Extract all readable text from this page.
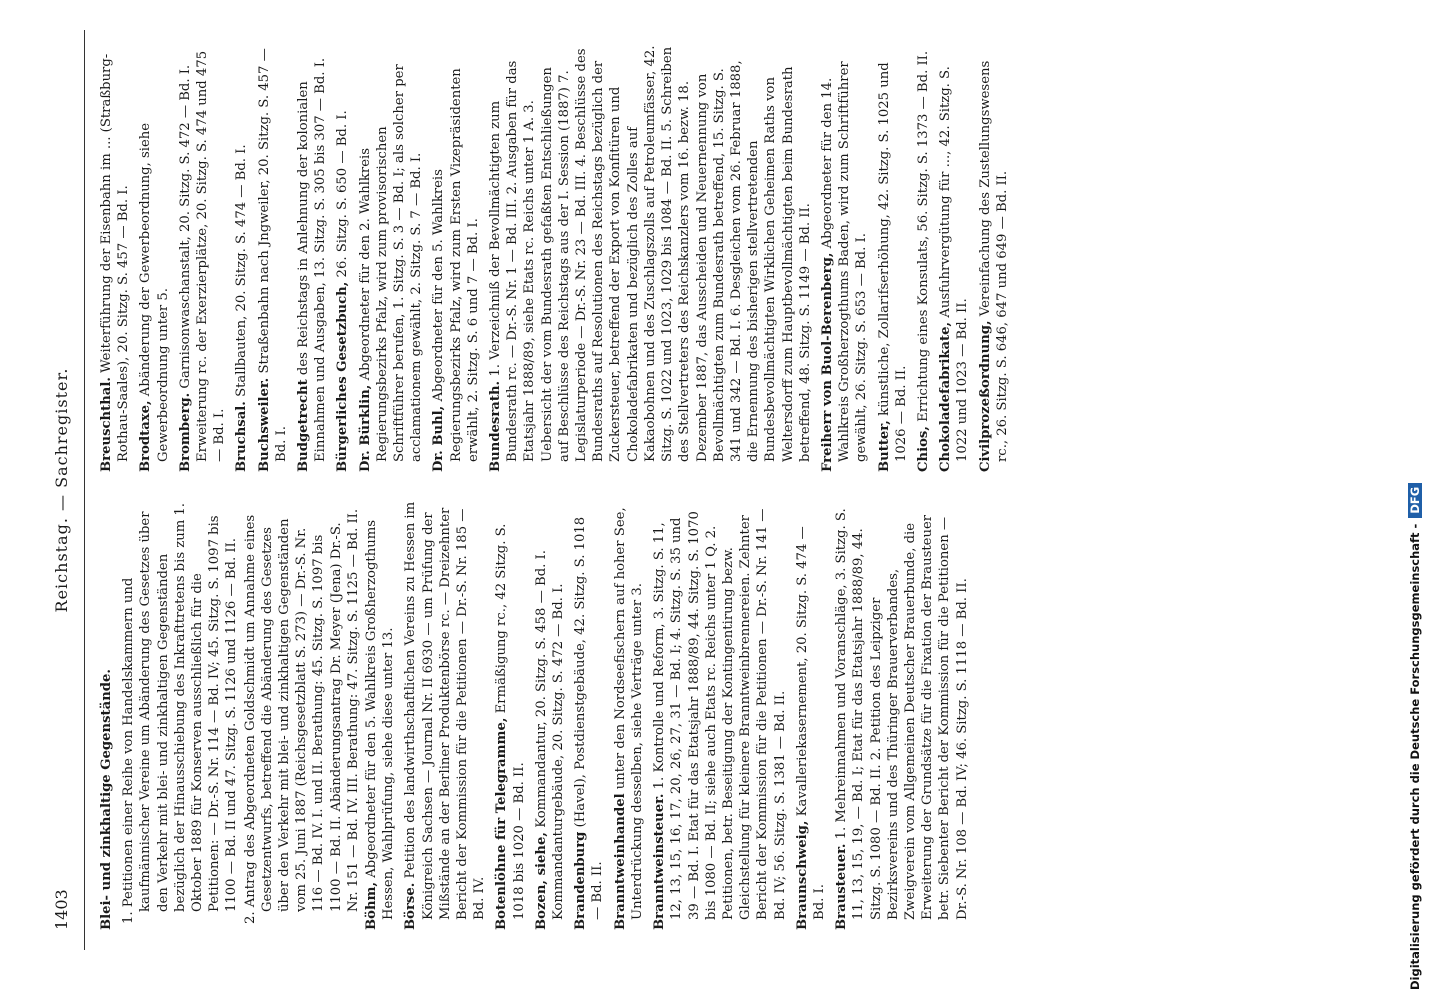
1403
Reichstag. — Sachregister.
Blei- und zinkhaltige Gegenstände. 1. Petitionen einer Reihe von Handelskammern und kaufmännischer Vereine um Abänderung des Gesetzes über den Verkehr mit blei- und zinkhaltigen Gegenständen bezüglich der Hinausschiebung des Inkrafttretens bis zum 1. Oktober 1889 für Konserven ausschließlich für die Petitionen: — Dr.-S. Nr. 114 — Bd. IV; 45. Sitzg. S. 1097 bis 1100 — Bd. II und 47. Sitzg. S. 1126 und 1126 — Bd. II. 2. Antrag des Abgeordneten Goldschmidt um Annahme eines Gesetzentwurfs, betreffend die Abänderung des Gesetzes über den Verkehr mit blei- und zinkhaltigen Gegenständen vom 25. Juni 1887 (Reichsgesetzblatt S. 273) — Dr.-S. Nr. 116 — Bd. IV. I. und II. Berathung: 45. Sitzg. S. 1097 bis 1100 — Bd. II. Abänderungsantrag Dr. Meyer (Jena) Dr.-S. Nr. 151 — Bd. IV. III. Berathung: 47. Sitzg. S. 1125 — Bd. II. Böhm, Abgeordneter für den 5. Wahlkreis Großherzogthums Hessen, Wahlprüfung, siehe diese unter 13. Börse. Petition des landwirthschaftlichen Vereins zu Hessen im Königreich Sachsen — Journal Nr. II 6930 — um Prüfung der Mißstände an der Berliner Produktenbörse rc. — Dreizehnter Bericht der Kommission für die Petitionen — Dr.-S. Nr. 185 — Bd. IV. Botenlöhne für Telegramme, Ermäßigung rc., 42 Sitzg. S. 1018 bis 1020 — Bd. II. Bozen, siehe, Kommandantur, 20. Sitzg. S. 458 — Bd. I. Kommandanturgebäude, 20. Sitzg. S. 472 — Bd. I. Brandenburg (Havel), Postdienstgebäude, 42. Sitzg. S. 1018 — Bd. II. Branntweinhandel unter den Nordseefischern auf hoher See, Unterdrückung desselben, siehe Verträge unter 3. Branntweinsteuer. 1. Kontrolle und Reform, 3. Sitzg. S. 11, 12, 13, 15, 16, 17, 20, 26, 27, 31 — Bd. I; 4. Sitzg. S. 35 und 39 — Bd. I. Etat für das Etatsjahr 1888/89, 44. Sitzg. S. 1070 bis 1080 — Bd. II; siehe auch Etats rc. Reichs unter 1 Q. 2. Petitionen, betr. Beseitigung der Kontingentirung bezw. Gleichstellung für kleinere Branntweinbrennereien. Zehnter Bericht der Kommission für die Petitionen — Dr.-S. Nr. 141 — Bd. IV; 56. Sitzg. S. 1381 — Bd. II. Braunschweig, Kavalleriekasernement, 20. Sitzg. S. 474 — Bd. I. Brausteuer. 1. Mehreinnahmen und Voranschläge, 3. Sitzg. S. 11, 13, 15, 19, — Bd. I; Etat für das Etatsjahr 1888/89, 44. Sitzg. S. 1080 — Bd. II. 2. Petition des Leipziger Bezirksvereins und des Thüringer Brauerverbandes, Zweigverein vom Allgemeinen Deutscher Brauerbunde, die Erweiterung der Grundsätze für die Fixation der Brausteuer betr. Siebenter Bericht der Kommission für die Petitionen — Dr.-S. Nr. 108 — Bd. IV; 46. Sitzg. S. 1118 — Bd. II.
Breuschthal. Weiterführung der Eisenbahn im ... (Straßburg-Rothau-Saales), 20. Sitzg. S. 457 — Bd. I. Brodtaxe, Abänderung der Gewerbeordnung, siehe Gewerbeordnung unter 5. Bromberg. Garnisonwaschanstalt, 20. Sitzg. S. 472 — Bd. I. Erweiterung rc. der Exerzierplätze, 20. Sitzg. S. 474 und 475 — Bd. I. Bruchsal. Stallbauten, 20. Sitzg. S. 474 — Bd. I.
Buchsweiler. Straßenbahn nach Jngweiler, 20. Sitzg. S. 457 — Bd. I. Budgetrecht des Reichstags in Anlehnung der kolonialen Einnahmen und Ausgaben, 13. Sitzg. S. 305 bis 307 — Bd. I. Bürgerliches Gesetzbuch, 26. Sitzg. S. 650 — Bd. I.
Dr. Bürklin, Abgeordneter für den 2. Wahlkreis Regierungsbezirks Pfalz, wird zum provisorischen Schriftführer berufen, 1. Sitzg. S. 3 — Bd. I; als solcher per acclamationem gewählt, 2. Sitzg. S. 7 — Bd. I. Dr. Buhl, Abgeordneter für den 5. Wahlkreis Regierungsbezirks Pfalz, wird zum Ersten Vizepräsidenten erwählt, 2. Sitzg. S. 6 und 7 — Bd. I. Bundesrath. 1. Verzeichniß der Bevollmächtigten zum Bundesrath rc. — Dr.-S. Nr. 1 — Bd. III. 2. Ausgaben für das Etatsjahr 1888/89, siehe Etats rc. Reichs unter 1 A. 3. Uebersicht der vom Bundesrath gefaßten Entschließungen auf Beschlüsse des Reichstags aus der I. Session (1887) 7. Legislaturperiode — Dr.-S. Nr. 23 — Bd. III. 4. Beschlüsse des Bundesraths auf Resolutionen des Reichstags bezüglich der Zuckersteuer, betreffend der Export von Konfitüren und Chokoladefabrikaten und bezüglich des Zolles auf Kakaobohnen und des Zuschlagszolls auf Petroleumfässer, 42. Sitzg. S. 1022 und 1023, 1029 bis 1084 — Bd. II. 5. Schreiben des Stellvertreters des Reichskanzlers vom 16. bezw. 18. Dezember 1887, das Ausscheiden und Neuernennung von Bevollmächtigten zum Bundesrath betreffend, 15. Sitzg. S. 341 und 342 — Bd. I. 6. Desgleichen vom 26. Februar 1888, die Ernennung des bisherigen stellvertretenden Bundesbevollmächtigten Wirklichen Geheimen Raths von Weltersdorff zum Hauptbevollmächtigten beim Bundesrath betreffend, 48. Sitzg. S. 1149 — Bd. II. Freiherr von Buol-Berenberg, Abgeordneter für den 14. Wahlkreis Großherzogthums Baden, wird zum Schriftführer gewählt, 26. Sitzg. S. 653 — Bd. I. Butter, künstliche, Zollarifserhöhung, 42. Sitzg. S. 1025 und 1026 — Bd. II. Chios, Errichtung eines Konsulats, 56. Sitzg. S. 1373 — Bd. II. Chokoladefabrikate, Ausfuhrvergütung für ..., 42. Sitzg. S. 1022 und 1023 — Bd. II. Civilprozeßordnung, Vereinfachung des Zustellungswesens rc., 26. Sitzg. S. 646, 647 und 649 — Bd. II.
Digitalisierung gefördert durch die Deutsche Forschungsgemeinschaft -DFG
